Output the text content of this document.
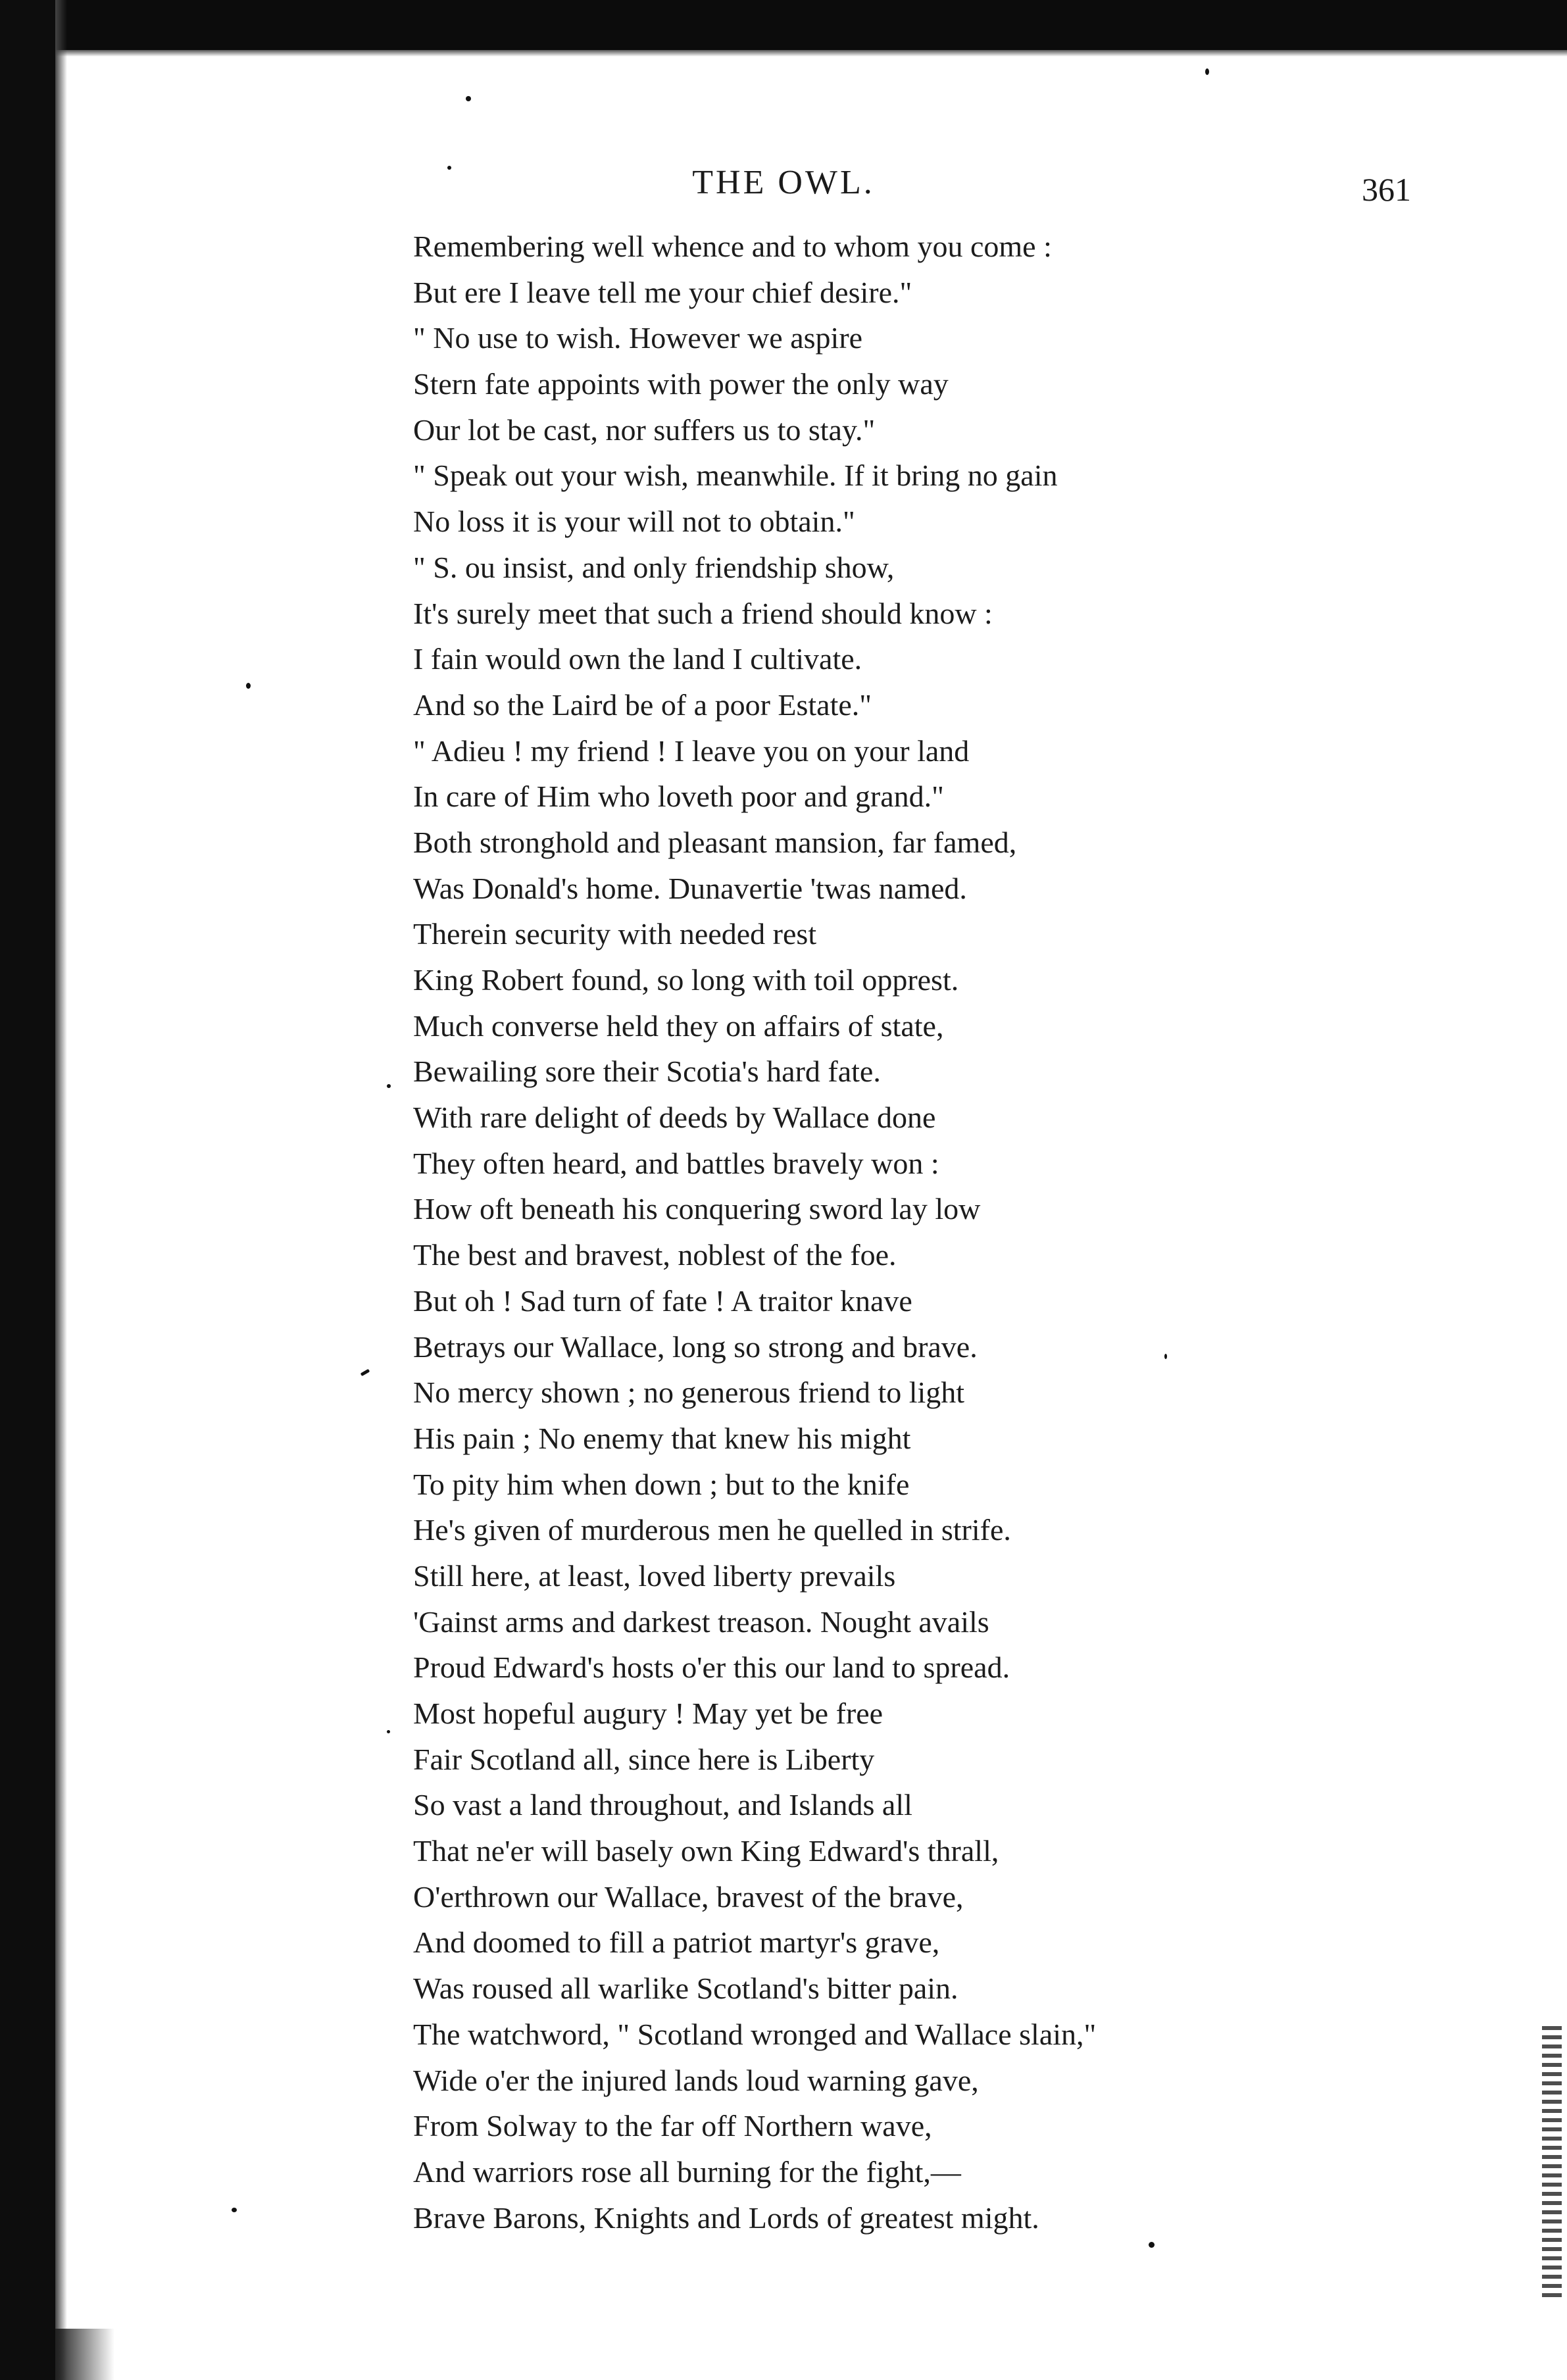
THE OWL.	361
Remembering well whence and to whom you come :
But ere I leave tell me your chief desire."
" No use to wish. However we aspire
Stern fate appoints with power the only way
Our lot be cast, nor suffers us to stay."
" Speak out your wish, meanwhile. If it bring no gain
No loss it is your will not to obtain."
" S. ou insist, and only friendship show,
It's surely meet that such a friend should know :
I fain would own the land I cultivate.
And so the Laird be of a poor Estate."
" Adieu ! my friend ! I leave you on your land
In care of Him who loveth poor and grand."
Both stronghold and pleasant mansion, far famed,
Was Donald's home. Dunavertie 'twas named.
Therein security with needed rest
King Robert found, so long with toil opprest.
Much converse held they on affairs of state,
Bewailing sore their Scotia's hard fate.
With rare delight of deeds by Wallace done
They often heard, and battles bravely won :
How oft beneath his conquering sword lay low
The best and bravest, noblest of the foe.
But oh ! Sad turn of fate ! A traitor knave
Betrays our Wallace, long so strong and brave.
No mercy shown ; no generous friend to light
His pain ; No enemy that knew his might
To pity him when down ; but to the knife
He's given of murderous men he quelled in strife.
Still here, at least, loved liberty prevails
'Gainst arms and darkest treason. Nought avails
Proud Edward's hosts o'er this our land to spread.
Most hopeful augury ! May yet be free
Fair Scotland all, since here is Liberty
So vast a land throughout, and Islands all
That ne'er will basely own King Edward's thrall,
O'erthrown our Wallace, bravest of the brave,
And doomed to fill a patriot martyr's grave,
Was roused all warlike Scotland's bitter pain.
The watchword, " Scotland wronged and Wallace slain,"
Wide o'er the injured lands loud warning gave,
From Solway to the far off Northern wave,
And warriors rose all burning for the fight,—
Brave Barons, Knights and Lords of greatest might.
